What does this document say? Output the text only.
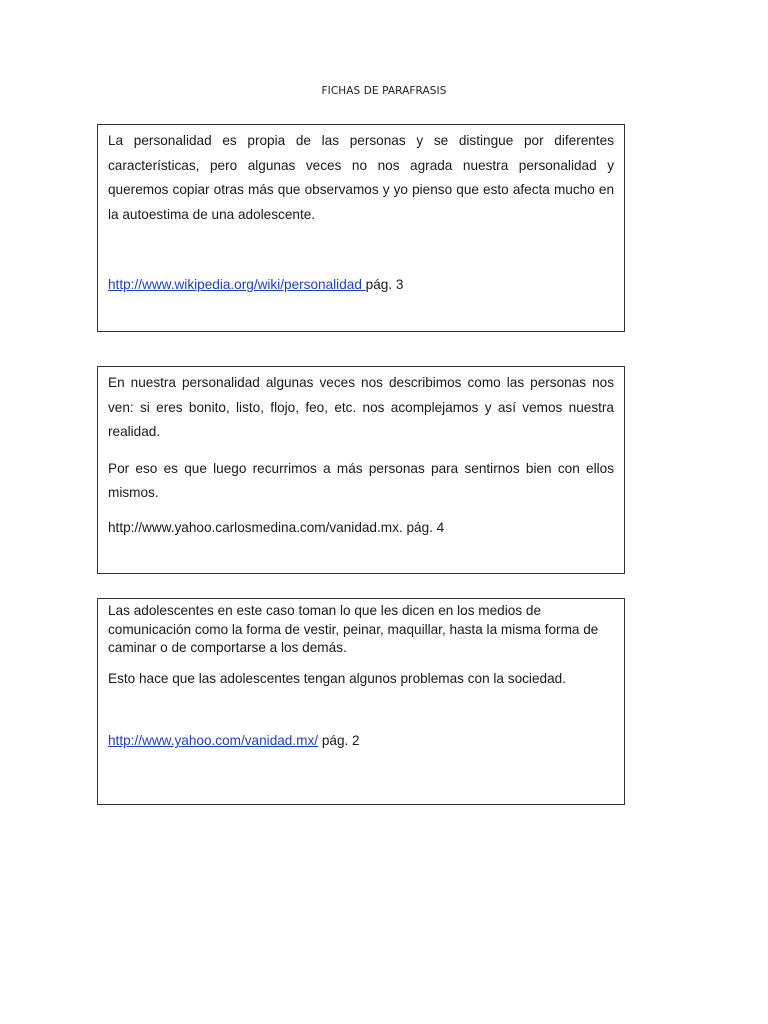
FICHAS DE PARAFRASIS

La personalidad es propia de las personas y se distingue por diferentes características, pero algunas veces no nos agrada nuestra personalidad y queremos copiar otras más que observamos y yo pienso que esto afecta mucho en la autoestima de una adolescente.

http://www.wikipedia.org/wiki/personalidad pág. 3

En nuestra personalidad algunas veces nos describimos como las personas nos ven: si eres bonito, listo, flojo, feo, etc. nos acomplejamos y así vemos nuestra realidad.

Por eso es que luego recurrimos a más personas para sentirnos bien con ellos mismos.

http://www.yahoo.carlosmedina.com/vanidad.mx. pág. 4

Las adolescentes en este caso toman lo que les dicen en los medios de comunicación como la forma de vestir, peinar, maquillar, hasta la misma forma de caminar o de comportarse a los demás.

Esto hace que las adolescentes tengan algunos problemas con la sociedad.

http://www.yahoo.com/vanidad.mx/ pág. 2
